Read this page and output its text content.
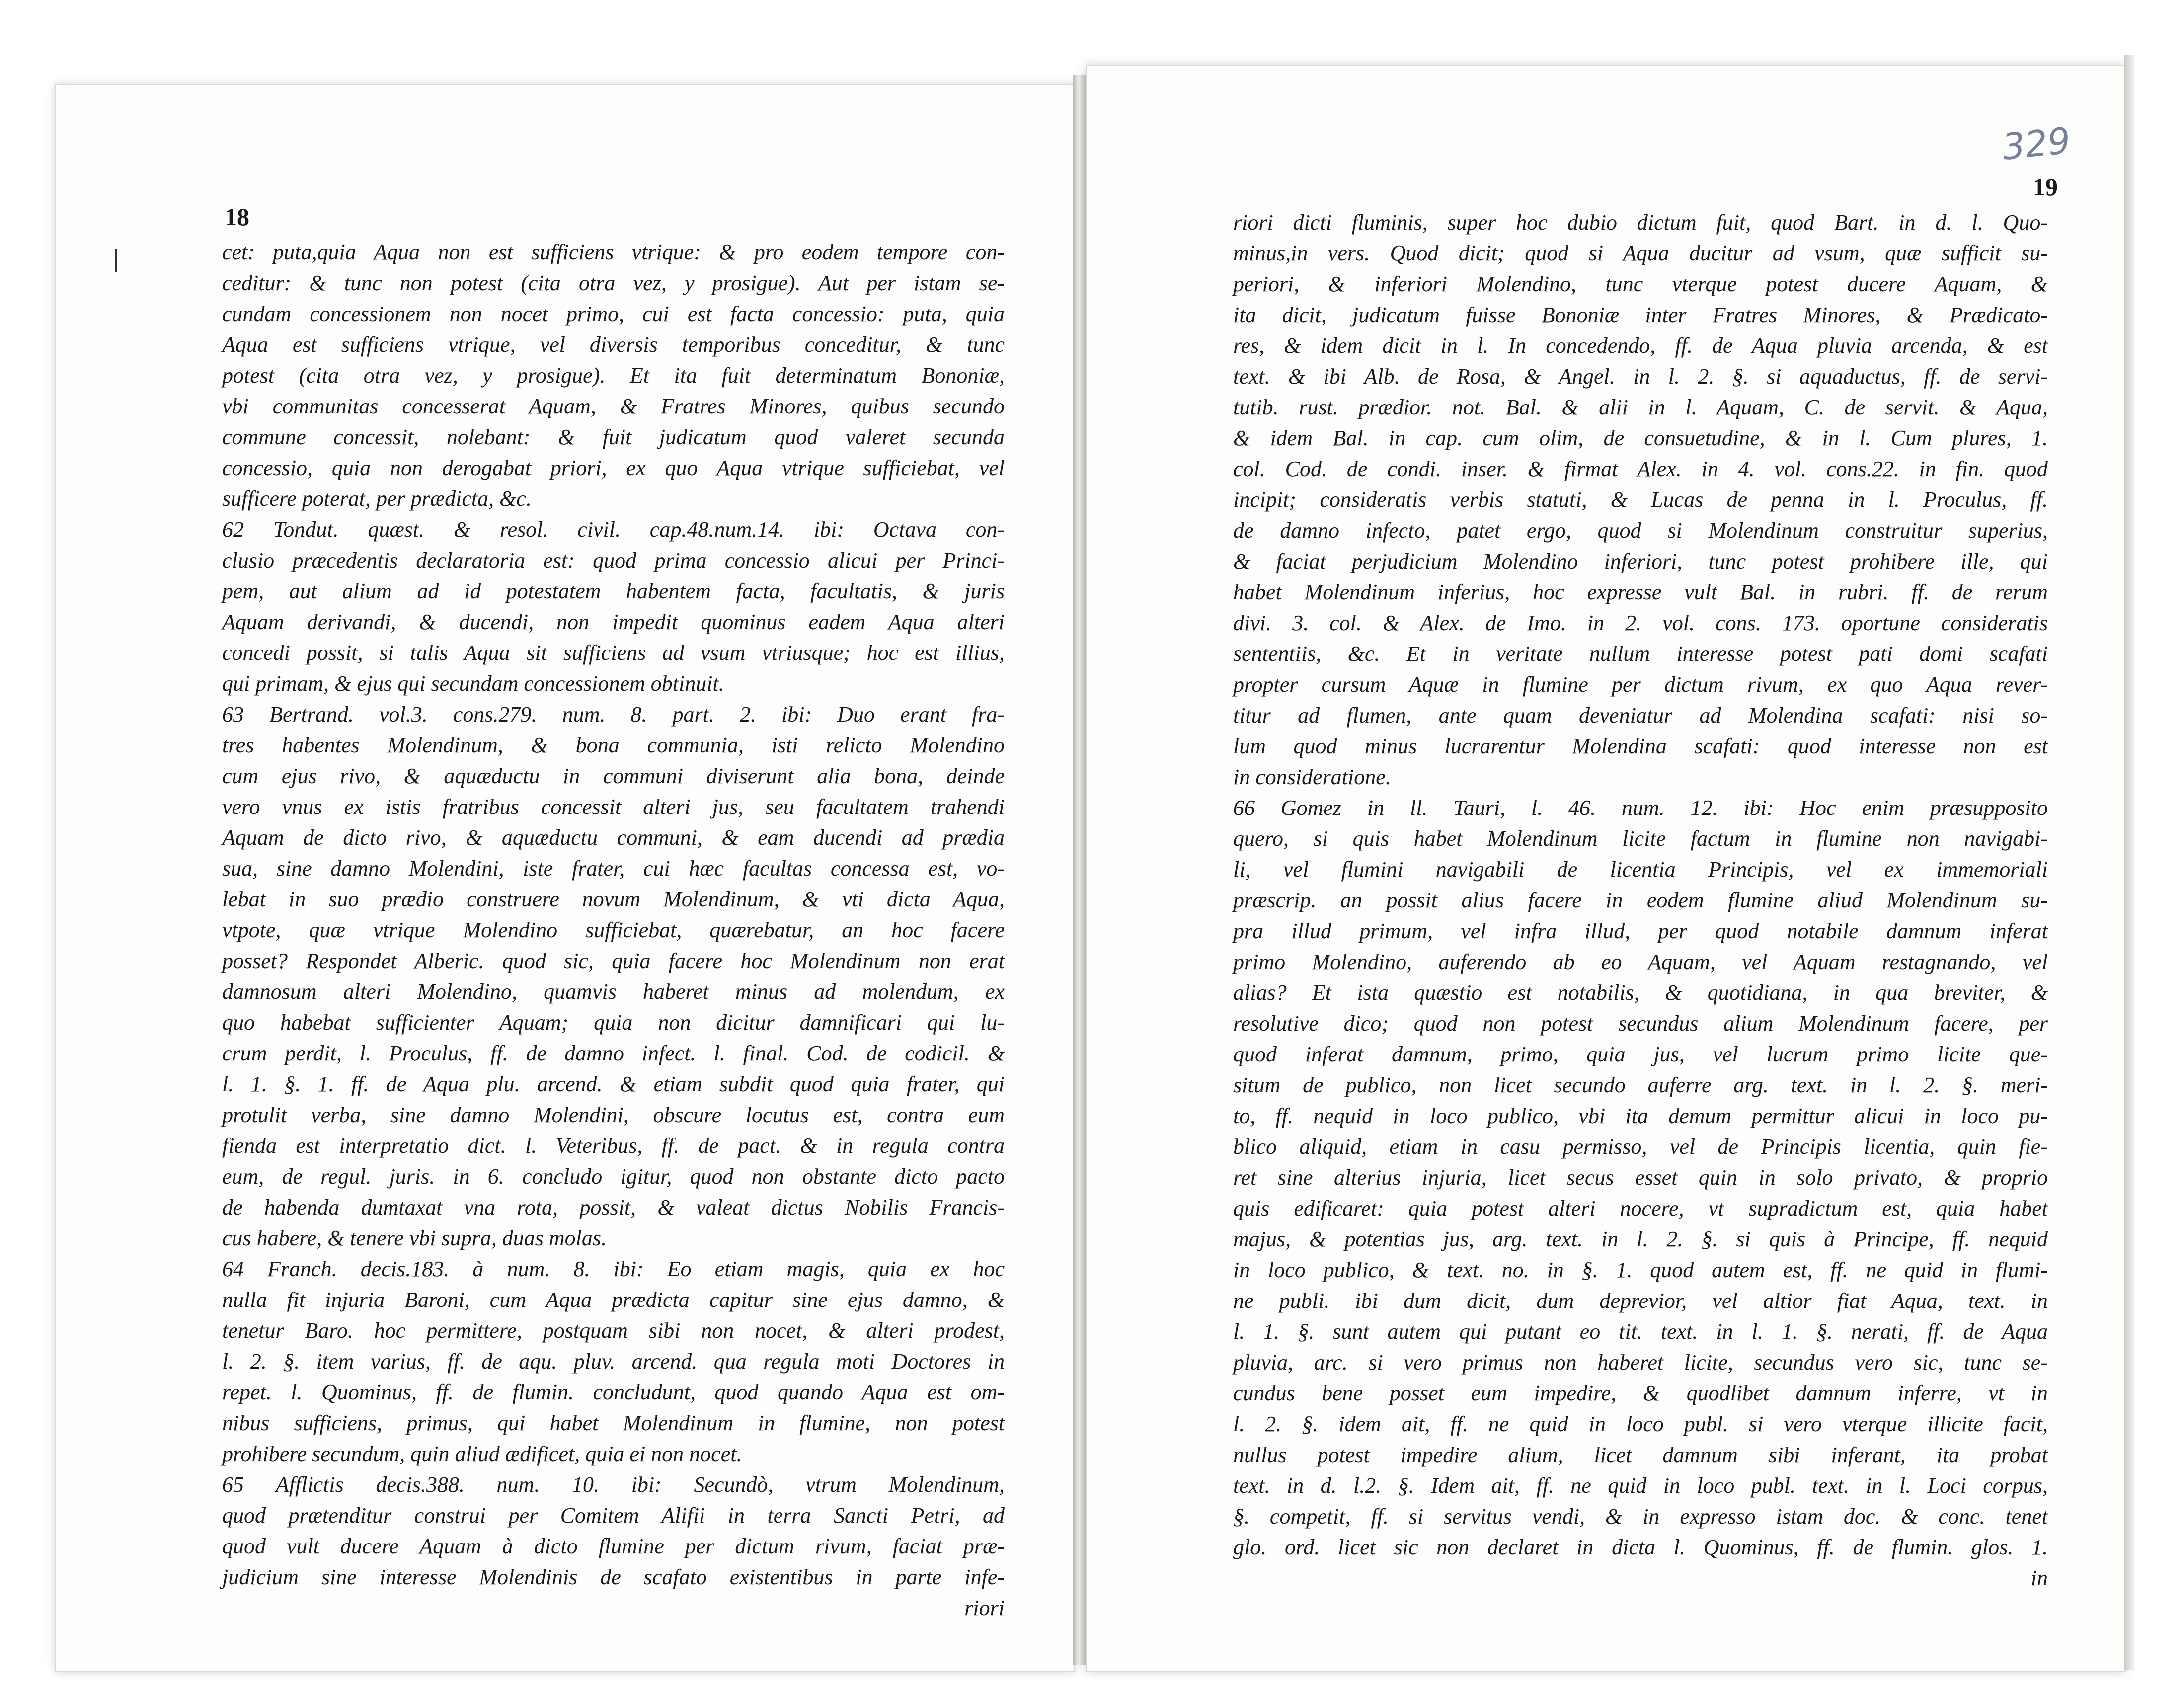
18
cet: puta,quia Aqua non est sufficiens vtrique: & pro eodem tempore con-
ceditur: & tunc non potest (cita otra vez, y prosigue). Aut per istam se-
cundam concessionem non nocet primo, cui est facta concessio: puta, quia
Aqua est sufficiens vtrique, vel diversis temporibus conceditur, & tunc
potest (cita otra vez, y prosigue). Et ita fuit determinatum Bononiæ,
vbi communitas concesserat Aquam, & Fratres Minores, quibus secundo
commune concessit, nolebant: & fuit judicatum quod valeret secunda
concessio, quia non derogabat priori, ex quo Aqua vtrique sufficiebat, vel
sufficere poterat, per prædicta, &c.
62 Tondut. quæst. & resol. civil. cap.48.num.14. ibi: Octava con-
clusio præcedentis declaratoria est: quod prima concessio alicui per Princi-
pem, aut alium ad id potestatem habentem facta, facultatis, & juris
Aquam derivandi, & ducendi, non impedit quominus eadem Aqua alteri
concedi possit, si talis Aqua sit sufficiens ad vsum vtriusque; hoc est illius,
qui primam, & ejus qui secundam concessionem obtinuit.
63 Bertrand. vol.3. cons.279. num. 8. part. 2. ibi: Duo erant fra-
tres habentes Molendinum, & bona communia, isti relicto Molendino
cum ejus rivo, & aquæductu in communi diviserunt alia bona, deinde
vero vnus ex istis fratribus concessit alteri jus, seu facultatem trahendi
Aquam de dicto rivo, & aquæductu communi, & eam ducendi ad prædia
sua, sine damno Molendini, iste frater, cui hæc facultas concessa est, vo-
lebat in suo prædio construere novum Molendinum, & vti dicta Aqua,
vtpote, quæ vtrique Molendino sufficiebat, quærebatur, an hoc facere
posset? Respondet Alberic. quod sic, quia facere hoc Molendinum non erat
damnosum alteri Molendino, quamvis haberet minus ad molendum, ex
quo habebat sufficienter Aquam; quia non dicitur damnificari qui lu-
crum perdit, l. Proculus, ff. de damno infect. l. final. Cod. de codicil. &
l. 1. §. 1. ff. de Aqua plu. arcend. & etiam subdit quod quia frater, qui
protulit verba, sine damno Molendini, obscure locutus est, contra eum
fienda est interpretatio dict. l. Veteribus, ff. de pact. & in regula contra
eum, de regul. juris. in 6. concludo igitur, quod non obstante dicto pacto
de habenda dumtaxat vna rota, possit, & valeat dictus Nobilis Francis-
cus habere, & tenere vbi supra, duas molas.
64 Franch. decis.183. à num. 8. ibi: Eo etiam magis, quia ex hoc
nulla fit injuria Baroni, cum Aqua prædicta capitur sine ejus damno, &
tenetur Baro. hoc permittere, postquam sibi non nocet, & alteri prodest,
l. 2. §. item varius, ff. de aqu. pluv. arcend. qua regula moti Doctores in
repet. l. Quominus, ff. de flumin. concludunt, quod quando Aqua est om-
nibus sufficiens, primus, qui habet Molendinum in flumine, non potest
prohibere secundum, quin aliud ædificet, quia ei non nocet.
65 Afflictis decis.388. num. 10. ibi: Secundò, vtrum Molendinum,
quod prætenditur construi per Comitem Alifii in terra Sancti Petri, ad
quod vult ducere Aquam à dicto flumine per dictum rivum, faciat præ-
judicium sine interesse Molendinis de scafato existentibus in parte infe-
riori
329
19
riori dicti fluminis, super hoc dubio dictum fuit, quod Bart. in d. l. Quo-
minus,in vers. Quod dicit; quod si Aqua ducitur ad vsum, quæ sufficit su-
periori, & inferiori Molendino, tunc vterque potest ducere Aquam, &
ita dicit, judicatum fuisse Bononiæ inter Fratres Minores, & Prædicato-
res, & idem dicit in l. In concedendo, ff. de Aqua pluvia arcenda, & est
text. & ibi Alb. de Rosa, & Angel. in l. 2. §. si aquaductus, ff. de servi-
tutib. rust. prædior. not. Bal. & alii in l. Aquam, C. de servit. & Aqua,
& idem Bal. in cap. cum olim, de consuetudine, & in l. Cum plures, 1.
col. Cod. de condi. inser. & firmat Alex. in 4. vol. cons.22. in fin. quod
incipit; consideratis verbis statuti, & Lucas de penna in l. Proculus, ff.
de damno infecto, patet ergo, quod si Molendinum construitur superius,
& faciat perjudicium Molendino inferiori, tunc potest prohibere ille, qui
habet Molendinum inferius, hoc expresse vult Bal. in rubri. ff. de rerum
divi. 3. col. & Alex. de Imo. in 2. vol. cons. 173. oportune consideratis
sententiis, &c. Et in veritate nullum interesse potest pati domi scafati
propter cursum Aquæ in flumine per dictum rivum, ex quo Aqua rever-
titur ad flumen, ante quam deveniatur ad Molendina scafati: nisi so-
lum quod minus lucrarentur Molendina scafati: quod interesse non est
in consideratione.
66 Gomez in ll. Tauri, l. 46. num. 12. ibi: Hoc enim præsupposito
quero, si quis habet Molendinum licite factum in flumine non navigabi-
li, vel flumini navigabili de licentia Principis, vel ex immemoriali
præscrip. an possit alius facere in eodem flumine aliud Molendinum su-
pra illud primum, vel infra illud, per quod notabile damnum inferat
primo Molendino, auferendo ab eo Aquam, vel Aquam restagnando, vel
alias? Et ista quæstio est notabilis, & quotidiana, in qua breviter, &
resolutive dico; quod non potest secundus alium Molendinum facere, per
quod inferat damnum, primo, quia jus, vel lucrum primo licite que-
situm de publico, non licet secundo auferre arg. text. in l. 2. §. meri-
to, ff. nequid in loco publico, vbi ita demum permittur alicui in loco pu-
blico aliquid, etiam in casu permisso, vel de Principis licentia, quin fie-
ret sine alterius injuria, licet secus esset quin in solo privato, & proprio
quis edificaret: quia potest alteri nocere, vt supradictum est, quia habet
majus, & potentias jus, arg. text. in l. 2. §. si quis à Principe, ff. nequid
in loco publico, & text. no. in §. 1. quod autem est, ff. ne quid in flumi-
ne publi. ibi dum dicit, dum deprevior, vel altior fiat Aqua, text. in
l. 1. §. sunt autem qui putant eo tit. text. in l. 1. §. nerati, ff. de Aqua
pluvia, arc. si vero primus non haberet licite, secundus vero sic, tunc se-
cundus bene posset eum impedire, & quodlibet damnum inferre, vt in
l. 2. §. idem ait, ff. ne quid in loco publ. si vero vterque illicite facit,
nullus potest impedire alium, licet damnum sibi inferant, ita probat
text. in d. l.2. §. Idem ait, ff. ne quid in loco publ. text. in l. Loci corpus,
§. competit, ff. si servitus vendi, & in expresso istam doc. & conc. tenet
glo. ord. licet sic non declaret in dicta l. Quominus, ff. de flumin. glos. 1.
in
